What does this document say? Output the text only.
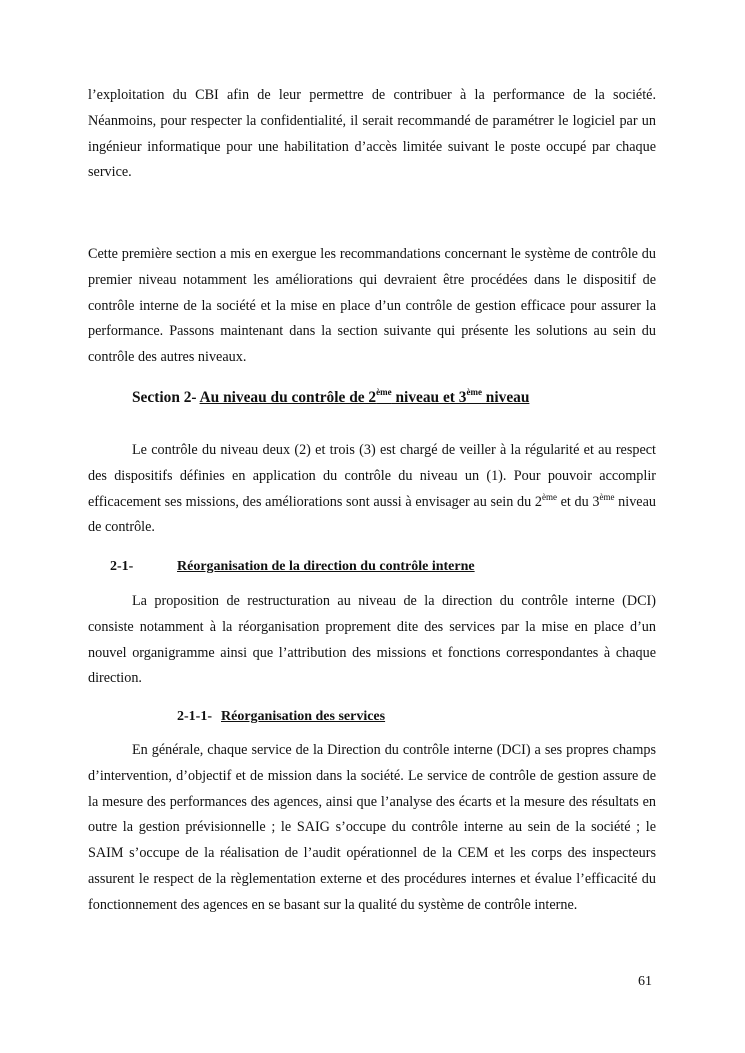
l’exploitation du CBI afin de leur permettre de contribuer à la performance de la société. Néanmoins, pour respecter la confidentialité, il serait recommandé de paramétrer le logiciel par un ingénieur informatique pour une habilitation d’accès limitée suivant le poste occupé par chaque service.

Cette première section a mis en exergue les recommandations concernant le système de contrôle du premier niveau notamment les améliorations qui devraient être procédées dans le dispositif de contrôle interne de la société et la mise en place d’un contrôle de gestion efficace pour assurer la performance. Passons maintenant dans la section suivante qui présente les solutions au sein du contrôle des autres niveaux.

Section 2- Au niveau du contrôle de 2ème niveau et 3ème niveau

Le contrôle du niveau deux (2) et trois (3) est chargé de veiller à la régularité et au respect des dispositifs définies en application du contrôle du niveau un (1). Pour pouvoir accomplir efficacement ses missions, des améliorations sont aussi à envisager au sein du 2ème et du 3ème niveau de contrôle.

2-1-	Réorganisation de la direction du contrôle interne

La proposition de restructuration au niveau de la direction du contrôle interne (DCI) consiste notamment à la réorganisation proprement dite des services par la mise en place d’un nouvel organigramme ainsi que l’attribution des missions et fonctions correspondantes à chaque direction.

2-1-1- Réorganisation des services

En générale, chaque service de la Direction du contrôle interne (DCI) a ses propres champs d’intervention, d’objectif et de mission dans la société. Le service de contrôle de gestion assure de la mesure des performances des agences, ainsi que l’analyse des écarts et la mesure des résultats en outre la gestion prévisionnelle ; le SAIG s’occupe du contrôle interne au sein de la société ; le SAIM s’occupe de la réalisation de l’audit opérationnel de la CEM et les corps des inspecteurs assurent le respect de la règlementation externe et des procédures internes et évalue l’efficacité du fonctionnement des agences en se basant sur la qualité du système de contrôle interne.

61
